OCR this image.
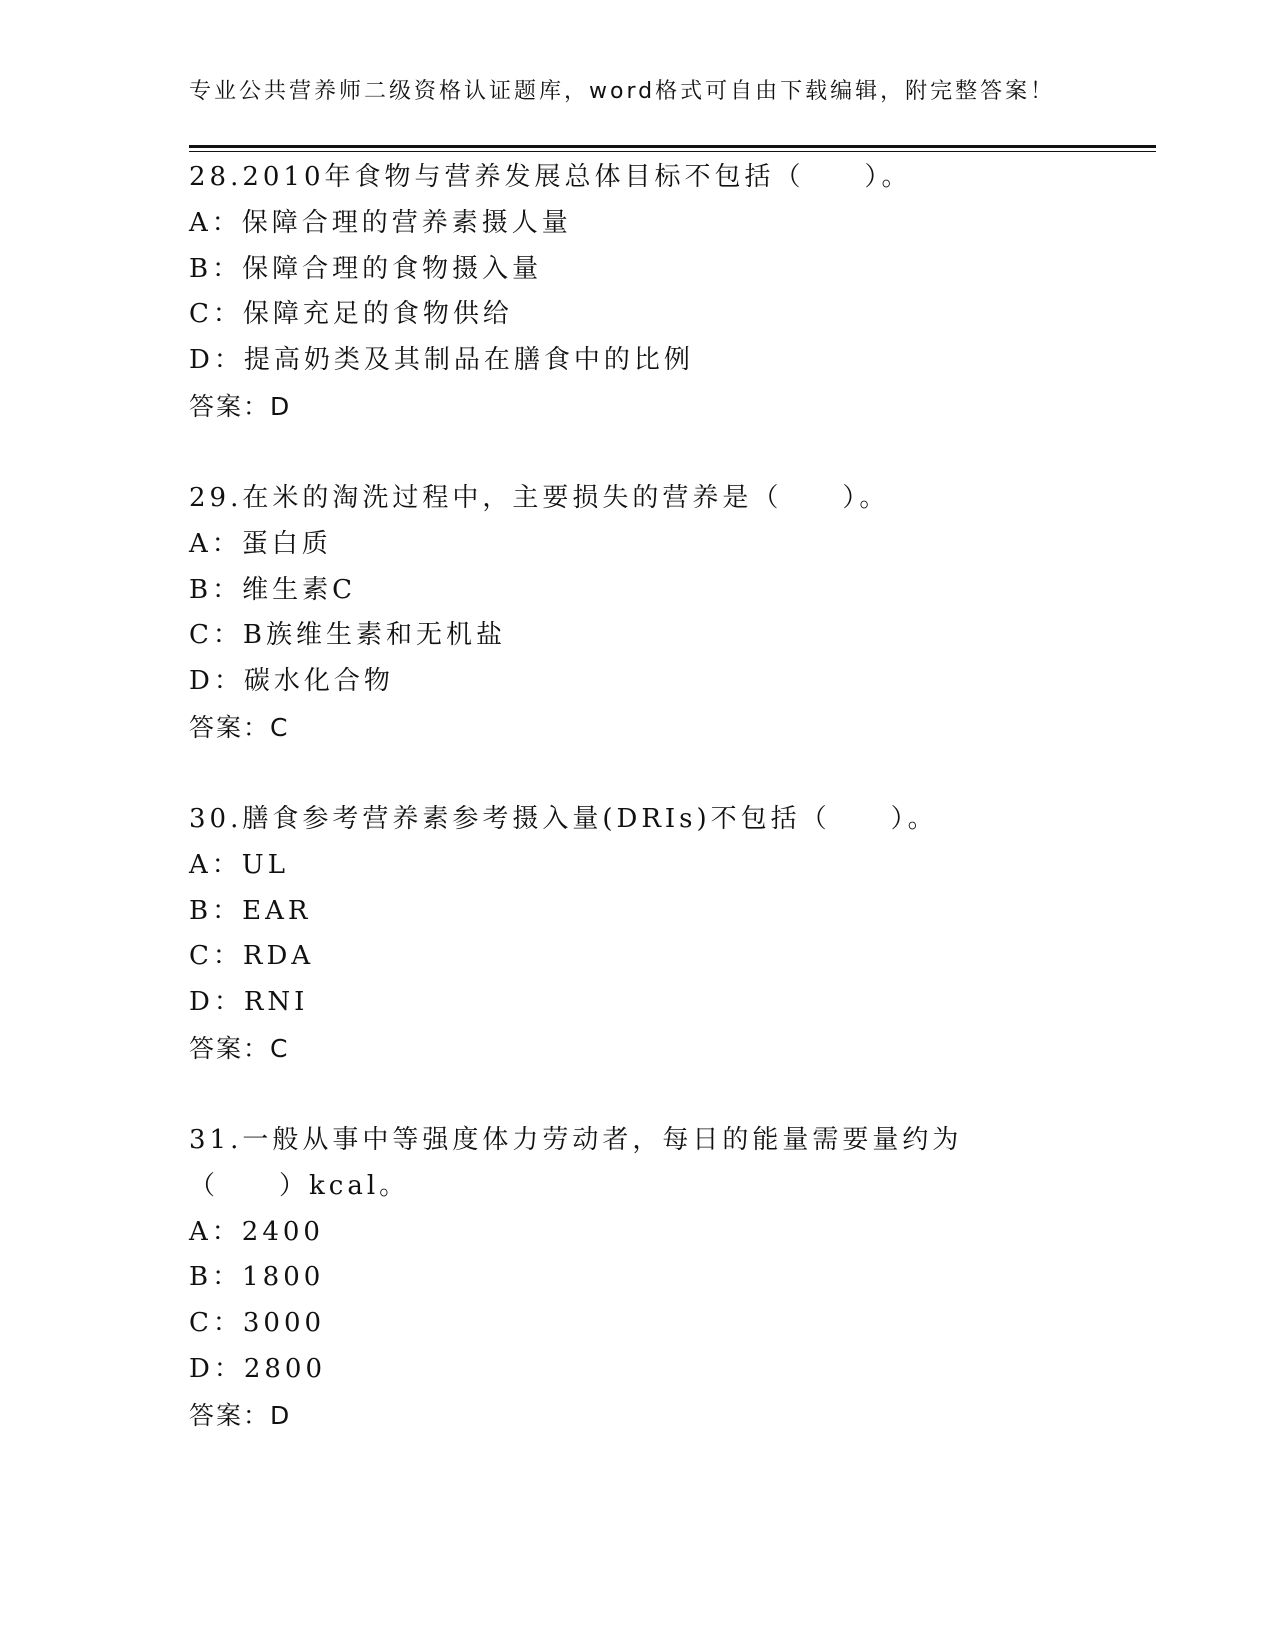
专业公共营养师二级资格认证题库，word格式可自由下载编辑，附完整答案！
28.2010年食物与营养发展总体目标不包括（　　）。
A：保障合理的营养素摄人量
B：保障合理的食物摄入量
C：保障充足的食物供给
D：提高奶类及其制品在膳食中的比例
答案：D
29.在米的淘洗过程中，主要损失的营养是（　　）。
A：蛋白质
B：维生素C
C：B族维生素和无机盐
D：碳水化合物
答案：C
30.膳食参考营养素参考摄入量(DRIs)不包括（　　）。
A：UL
B：EAR
C：RDA
D：RNI
答案：C
31.一般从事中等强度体力劳动者，每日的能量需要量约为（　　）kcal。
A：2400
B：1800
C：3000
D：2800
答案：D
